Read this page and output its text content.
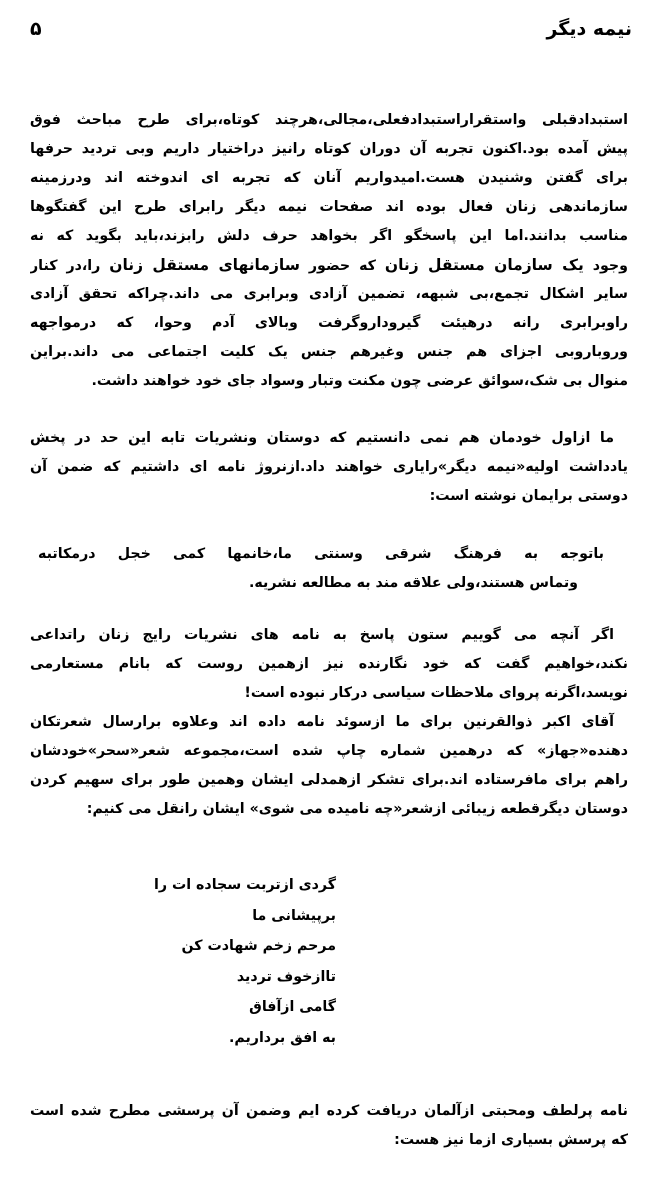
نیمه دیگر
۵
استبدادقبلی واستقراراستبدادفعلی،مجالی،هرچند کوتاه،برای طرح مباحث فوق
پیش آمده بود.اکنون تجربه آن دوران کوتاه رانیز دراختیار داریم وبی تردید حرفها
برای گفتن وشنیدن هست.امیدواریم آنان که تجربه ای اندوخته اند ودرزمینه
سازماندهی زنان فعال بوده اند صفحات نیمه دیگر رابرای طرح این گفتگوها
مناسب بدانند.اما این پاسخگو اگر بخواهد حرف دلش رابزند،باید بگوید که نه
وجود یک سازمان مستقل زنان که حضور سازمانهای مستقل زنان را،در کنار
سایر اشکال تجمع،بی شبهه، تضمین آزادی وبرابری می داند.چراکه تحقق آزادی
راوبرابری رانه درهیئت گیروداروگرفت وبالای آدم وحوا، که درمواجهه
وروباروبی اجزای هم جنس وغیرهم جنس یک کلیت اجتماعی می داند.براین
منوال بی شک،سوائق عرضی چون مکنت وتبار وسواد جای خود خواهند داشت.
ما ازاول خودمان هم نمی دانستیم که دوستان ونشریات تابه این حد در پخش
یادداشت اولیه«نیمه دیگر»رایاری خواهند داد.ازنروژ نامه ای داشتیم که ضمن آن
دوستی برایمان نوشته است:
باتوجه به فرهنگ شرقی وسنتی ما،خانمها کمی خجل درمکاتبه
وتماس هستند،ولی علاقه مند به مطالعه نشریه.
اگر آنچه می گوییم ستون پاسخ به نامه های نشریات رایج زنان راتداعی
نکند،خواهیم گفت که خود نگارنده نیز ازهمین روست که بانام مستعارمی
نویسد،اگرنه پروای ملاحظات سیاسی درکار نبوده است!
آقای اکبر ذوالقرنین برای ما ازسوئد نامه داده اند وعلاوه برارسال شعرتکان
دهنده«جهاز» که درهمین شماره چاپ شده است،مجموعه شعر«سحر»خودشان
راهم برای مافرستاده اند.برای تشکر ازهمدلی ایشان وهمین طور برای سهیم کردن
دوستان دیگرقطعه زیبائی ازشعر«چه نامیده می شوی» ایشان رانقل می کنیم:
گردی ازتربت سجاده ات را
برپیشانی ما
مرحم زخم شهادت کن
تاازخوف تردید
گامی ازآفاق
به افق برداریم.
نامه پرلطف ومحبتی ازآلمان دریافت کرده ایم وضمن آن پرسشی مطرح شده است
که پرسش بسیاری ازما نیز هست:
